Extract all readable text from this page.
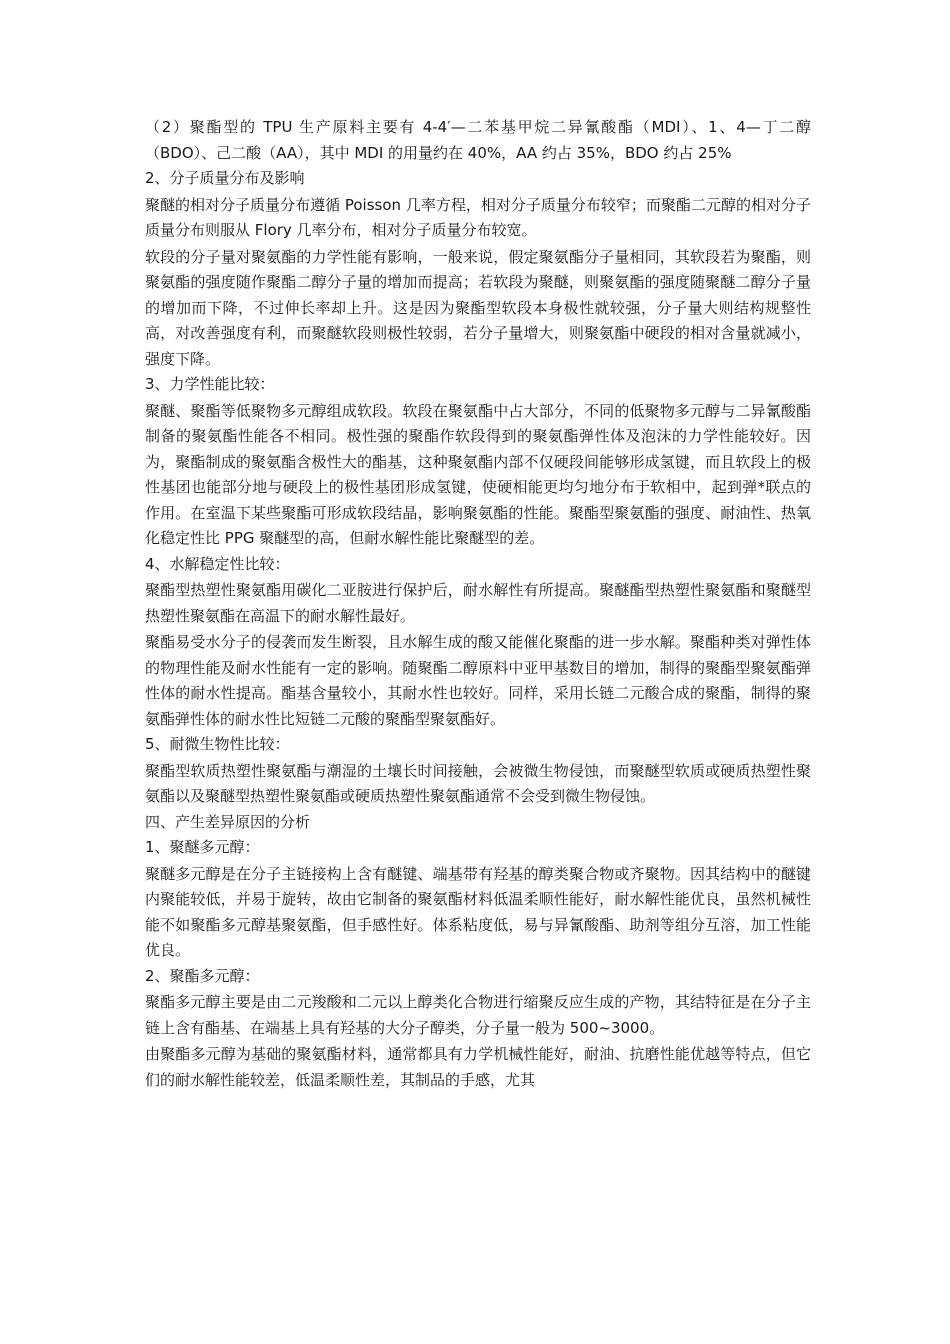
（2）聚酯型的 TPU 生产原料主要有 4-4′—二苯基甲烷二异氰酸酯（MDI）、1、4—丁二醇（BDO）、己二酸（AA），其中 MDI 的用量约在 40%，AA 约占 35%，BDO 约占 25%

2、分子质量分布及影响

聚醚的相对分子质量分布遵循 Poisson 几率方程，相对分子质量分布较窄；而聚酯二元醇的相对分子质量分布则服从 Flory 几率分布，相对分子质量分布较宽。

软段的分子量对聚氨酯的力学性能有影响，一般来说，假定聚氨酯分子量相同，其软段若为聚酯，则聚氨酯的强度随作聚酯二醇分子量的增加而提高；若软段为聚醚，则聚氨酯的强度随聚醚二醇分子量的增加而下降，不过伸长率却上升。这是因为聚酯型软段本身极性就较强，分子量大则结构规整性高，对改善强度有利，而聚醚软段则极性较弱，若分子量增大，则聚氨酯中硬段的相对含量就减小，强度下降。

3、力学性能比较：

聚醚、聚酯等低聚物多元醇组成软段。软段在聚氨酯中占大部分，不同的低聚物多元醇与二异氰酸酯制备的聚氨酯性能各不相同。极性强的聚酯作软段得到的聚氨酯弹性体及泡沫的力学性能较好。因为，聚酯制成的聚氨酯含极性大的酯基，这种聚氨酯内部不仅硬段间能够形成氢键，而且软段上的极性基团也能部分地与硬段上的极性基团形成氢键，使硬相能更均匀地分布于软相中，起到弹*联点的作用。在室温下某些聚酯可形成软段结晶，影响聚氨酯的性能。聚酯型聚氨酯的强度、耐油性、热氧化稳定性比 PPG 聚醚型的高，但耐水解性能比聚醚型的差。

4、水解稳定性比较：

聚酯型热塑性聚氨酯用碳化二亚胺进行保护后，耐水解性有所提高。聚醚酯型热塑性聚氨酯和聚醚型热塑性聚氨酯在高温下的耐水解性最好。

聚酯易受水分子的侵袭而发生断裂，且水解生成的酸又能催化聚酯的进一步水解。聚酯种类对弹性体的物理性能及耐水性能有一定的影响。随聚酯二醇原料中亚甲基数目的增加，制得的聚酯型聚氨酯弹性体的耐水性提高。酯基含量较小，其耐水性也较好。同样，采用长链二元酸合成的聚酯，制得的聚氨酯弹性体的耐水性比短链二元酸的聚酯型聚氨酯好。

5、耐微生物性比较：

聚酯型软质热塑性聚氨酯与潮湿的土壤长时间接触，会被微生物侵蚀，而聚醚型软质或硬质热塑性聚氨酯以及聚醚型热塑性聚氨酯或硬质热塑性聚氨酯通常不会受到微生物侵蚀。

四、产生差异原因的分析

1、聚醚多元醇：

聚醚多元醇是在分子主链接构上含有醚键、端基带有羟基的醇类聚合物或齐聚物。因其结构中的醚键内聚能较低，并易于旋转，故由它制备的聚氨酯材料低温柔顺性能好，耐水解性能优良，虽然机械性能不如聚酯多元醇基聚氨酯，但手感性好。体系粘度低，易与异氰酸酯、助剂等组分互溶，加工性能优良。

2、聚酯多元醇：

聚酯多元醇主要是由二元羧酸和二元以上醇类化合物进行缩聚反应生成的产物，其结特征是在分子主链上含有酯基、在端基上具有羟基的大分子醇类，分子量一般为 500~3000。

由聚酯多元醇为基础的聚氨酯材料，通常都具有力学机械性能好，耐油、抗磨性能优越等特点，但它们的耐水解性能较差，低温柔顺性差，其制品的手感，尤其
